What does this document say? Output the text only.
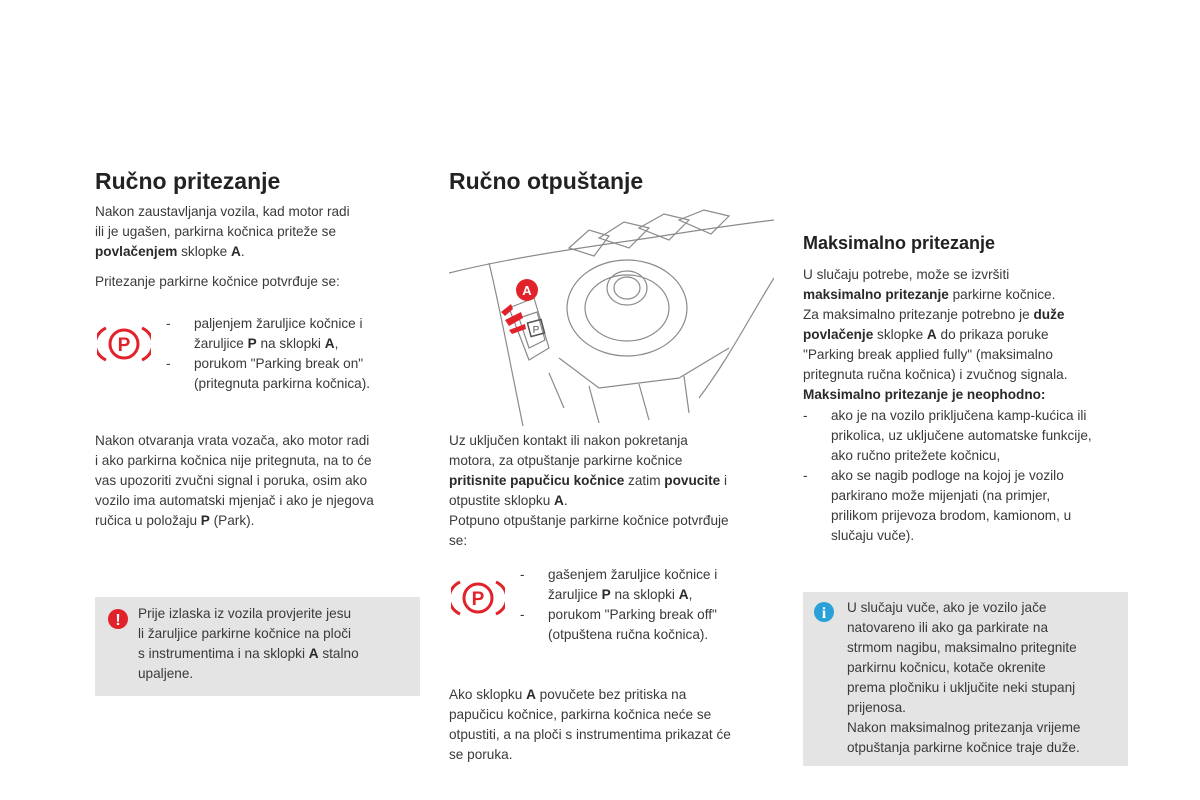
Ručno pritezanje

Nakon zaustavljanja vozila, kad motor radi
ili je ugašen, parkirna kočnica priteže se
povlačenjem sklopke A.

Pritezanje parkirne kočnice potvrđuje se:
P
- paljenjem žaruljice kočnice i
žaruljice P na sklopki A,
- porukom "Parking break on"
(pritegnuta parkirna kočnica).

Nakon otvaranja vrata vozača, ako motor radi
i ako parkirna kočnica nije pritegnuta, na to će
vas upozoriti zvučni signal i poruka, osim ako
vozilo ima automatski mjenjač i ako je njegova
ručica u položaju P (Park).

! Prije izlaska iz vozila provjerite jesu
li žaruljice parkirne kočnice na ploči
s instrumentima i na sklopki A stalno
upaljene.
Ručno otpuštanje
P
A

Uz uključen kontakt ili nakon pokretanja
motora, za otpuštanje parkirne kočnice
pritisnite papučicu kočnice zatim povucite i
otpustite sklopku A.
Potpuno otpuštanje parkirne kočnice potvrđuje
se:

P
- gašenjem žaruljice kočnice i
žaruljice P na sklopki A,
- porukom "Parking break off"
(otpuštena ručna kočnica).

Ako sklopku A povučete bez pritiska na
papučicu kočnice, parkirna kočnica neće se
otpustiti, a na ploči s instrumentima prikazat će
se poruka.

Maksimalno pritezanje

U slučaju potrebe, može se izvršiti
maksimalno pritezanje parkirne kočnice.
Za maksimalno pritezanje potrebno je duže
povlačenje sklopke A do prikaza poruke
"Parking break applied fully" (maksimalno
pritegnuta ručna kočnica) i zvučnog signala.
Maksimalno pritezanje je neophodno:

- ako je na vozilo priključena kamp-kućica ili
prikolica, uz uključene automatske funkcije,
ako ručno pritežete kočnicu,
- ako se nagib podloge na kojoj je vozilo
parkirano može mijenjati (na primjer,
prilikom prijevoza brodom, kamionom, u
slučaju vuče).
i U slučaju vuče, ako je vozilo jače
natovareno ili ako ga parkirate na
strmom nagibu, maksimalno pritegnite
parkirnu kočnicu, kotače okrenite
prema pločniku i uključite neki stupanj
prijenosa.
Nakon maksimalnog pritezanja vrijeme
otpuštanja parkirne kočnice traje duže.
